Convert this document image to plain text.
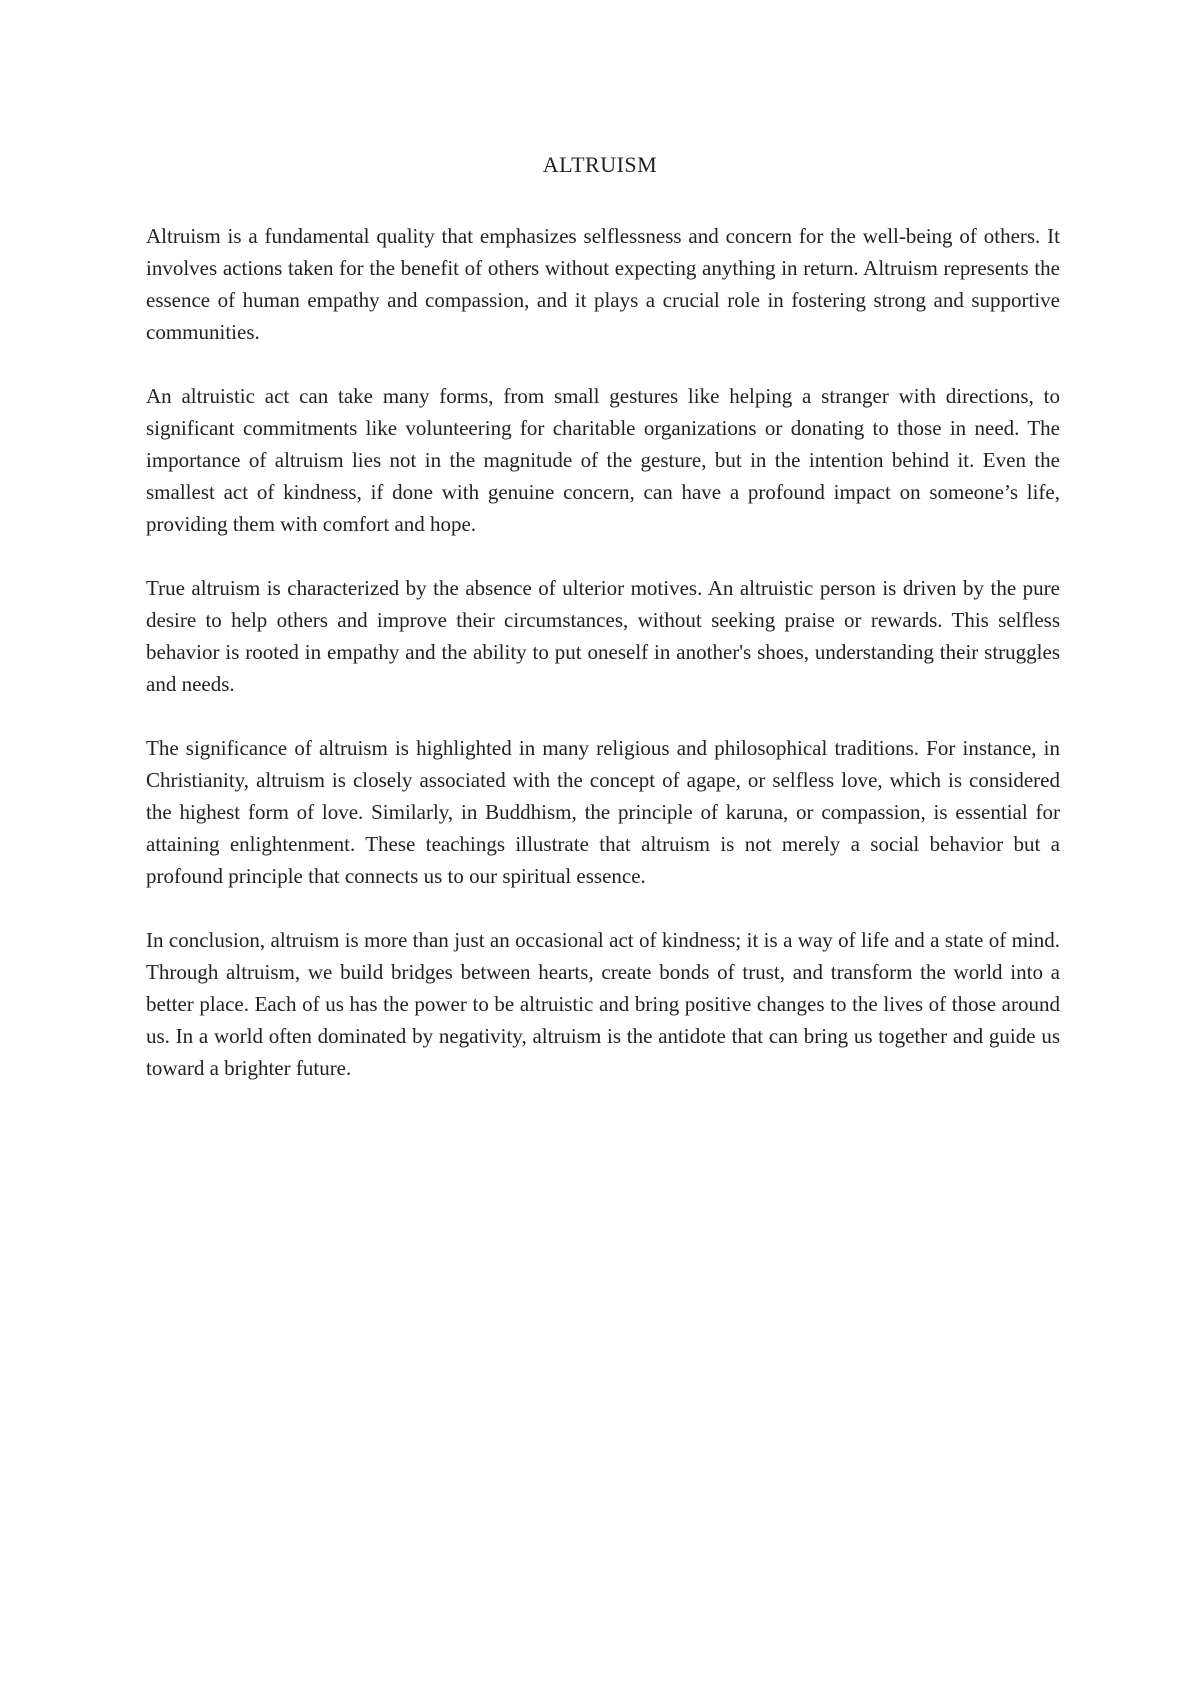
ALTRUISM

Altruism is a fundamental quality that emphasizes selflessness and concern for the well-being of others. It involves actions taken for the benefit of others without expecting anything in return. Altruism represents the essence of human empathy and compassion, and it plays a crucial role in fostering strong and supportive communities.

An altruistic act can take many forms, from small gestures like helping a stranger with directions, to significant commitments like volunteering for charitable organizations or donating to those in need. The importance of altruism lies not in the magnitude of the gesture, but in the intention behind it. Even the smallest act of kindness, if done with genuine concern, can have a profound impact on someone’s life, providing them with comfort and hope.

True altruism is characterized by the absence of ulterior motives. An altruistic person is driven by the pure desire to help others and improve their circumstances, without seeking praise or rewards. This selfless behavior is rooted in empathy and the ability to put oneself in another's shoes, understanding their struggles and needs.

The significance of altruism is highlighted in many religious and philosophical traditions. For instance, in Christianity, altruism is closely associated with the concept of agape, or selfless love, which is considered the highest form of love. Similarly, in Buddhism, the principle of karuna, or compassion, is essential for attaining enlightenment. These teachings illustrate that altruism is not merely a social behavior but a profound principle that connects us to our spiritual essence.

In conclusion, altruism is more than just an occasional act of kindness; it is a way of life and a state of mind. Through altruism, we build bridges between hearts, create bonds of trust, and transform the world into a better place. Each of us has the power to be altruistic and bring positive changes to the lives of those around us. In a world often dominated by negativity, altruism is the antidote that can bring us together and guide us toward a brighter future.
